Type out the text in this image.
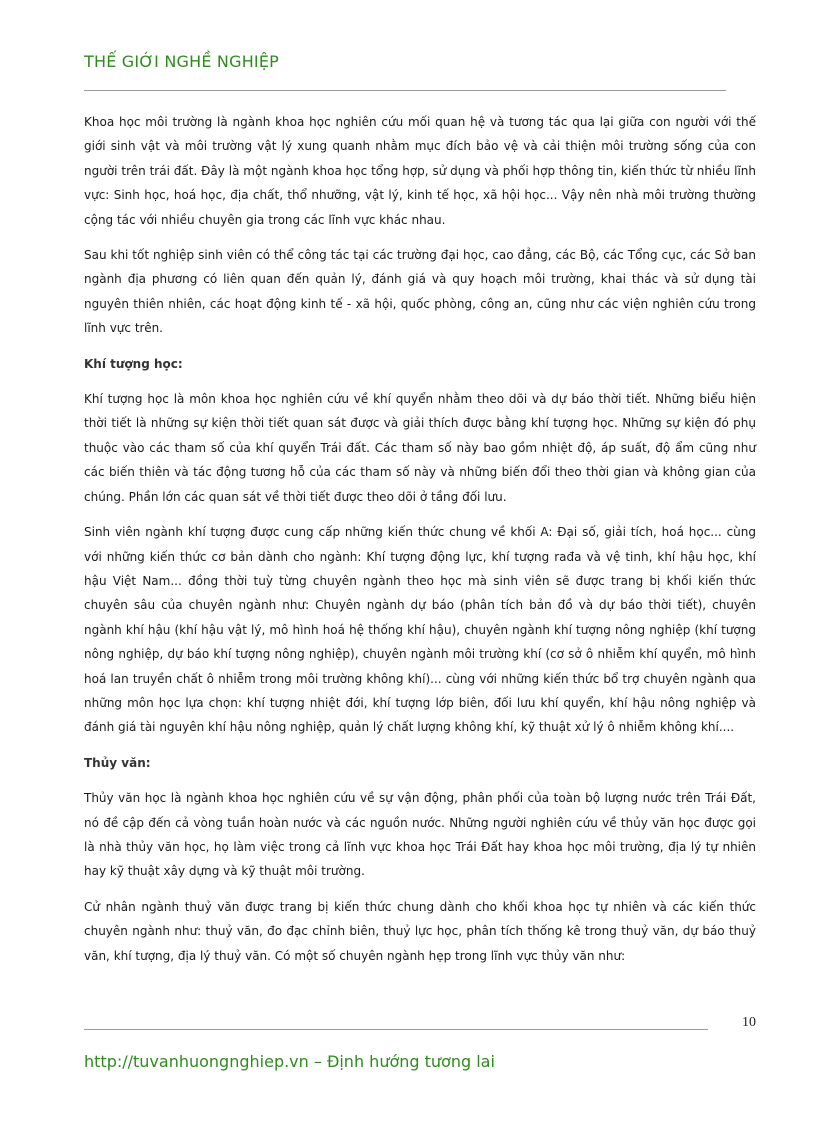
THẾ GIỚI NGHỀ NGHIỆP

Khoa học môi trường là ngành khoa học nghiên cứu mối quan hệ và tương tác qua lại giữa con người với thế giới sinh vật và môi trường vật lý xung quanh nhằm mục đích bảo vệ và cải thiện môi trường sống của con người trên trái đất. Đây là một ngành khoa học tổng hợp, sử dụng và phối hợp thông tin, kiến thức từ nhiều lĩnh vực: Sinh học, hoá học, địa chất, thổ nhưỡng, vật lý, kinh tế học, xã hội học... Vậy nên nhà môi trường thường cộng tác với nhiều chuyên gia trong các lĩnh vực khác nhau.

Sau khi tốt nghiệp sinh viên có thể công tác tại các trường đại học, cao đẳng, các Bộ, các Tổng cục, các Sở ban ngành địa phương có liên quan đến quản lý, đánh giá và quy hoạch môi trường, khai thác và sử dụng tài nguyên thiên nhiên, các hoạt động kinh tế - xã hội, quốc phòng, công an, cũng như các viện nghiên cứu trong lĩnh vực trên.

Khí tượng học:

Khí tượng học là môn khoa học nghiên cứu về khí quyển nhằm theo dõi và dự báo thời tiết. Những biểu hiện thời tiết là những sự kiện thời tiết quan sát được và giải thích được bằng khí tượng học. Những sự kiện đó phụ thuộc vào các tham số của khí quyển Trái đất. Các tham số này bao gồm nhiệt độ, áp suất, độ ẩm cũng như các biến thiên và tác động tương hỗ của các tham số này và những biến đổi theo thời gian và không gian của chúng. Phần lớn các quan sát về thời tiết được theo dõi ở tầng đối lưu.

Sinh viên ngành khí tượng được cung cấp những kiến thức chung về khối A: Đại số, giải tích, hoá học... cùng với những kiến thức cơ bản dành cho ngành: Khí tượng động lực, khí tượng rađa và vệ tinh, khí hậu học, khí hậu Việt Nam... đồng thời tuỳ từng chuyên ngành theo học mà sinh viên sẽ được trang bị khối kiến thức chuyên sâu của chuyên ngành như: Chuyên ngành dự báo (phân tích bản đồ và dự báo thời tiết), chuyên ngành khí hậu (khí hậu vật lý, mô hình hoá hệ thống khí hậu), chuyên ngành khí tượng nông nghiệp (khí tượng nông nghiệp, dự báo khí tượng nông nghiệp), chuyên ngành môi trường khí (cơ sở ô nhiễm khí quyển, mô hình hoá lan truyền chất ô nhiễm trong môi trường không khí)... cùng với những kiến thức bổ trợ chuyên ngành qua những môn học lựa chọn: khí tượng nhiệt đới, khí tượng lớp biên, đối lưu khí quyển, khí hậu nông nghiệp và đánh giá tài nguyên khí hậu nông nghiệp, quản lý chất lượng không khí, kỹ thuật xử lý ô nhiễm không khí....

Thủy văn:

Thủy văn học là ngành khoa học nghiên cứu về sự vận động, phân phối của toàn bộ lượng nước trên Trái Đất, nó đề cập đến cả vòng tuần hoàn nước và các nguồn nước. Những người nghiên cứu về thủy văn học được gọi là nhà thủy văn học, họ làm việc trong cả lĩnh vực khoa học Trái Đất hay khoa học môi trường, địa lý tự nhiên hay kỹ thuật xây dựng và kỹ thuật môi trường.

Cử nhân ngành thuỷ văn được trang bị kiến thức chung dành cho khối khoa học tự nhiên và các kiến thức chuyên ngành như: thuỷ văn, đo đạc chỉnh biên, thuỷ lực học, phân tích thống kê trong thuỷ văn, dự báo thuỷ văn, khí tượng, địa lý thuỷ văn. Có một số chuyên ngành hẹp trong lĩnh vực thủy văn như:

10
http://tuvanhuongnghiep.vn – Định hướng tương lai
